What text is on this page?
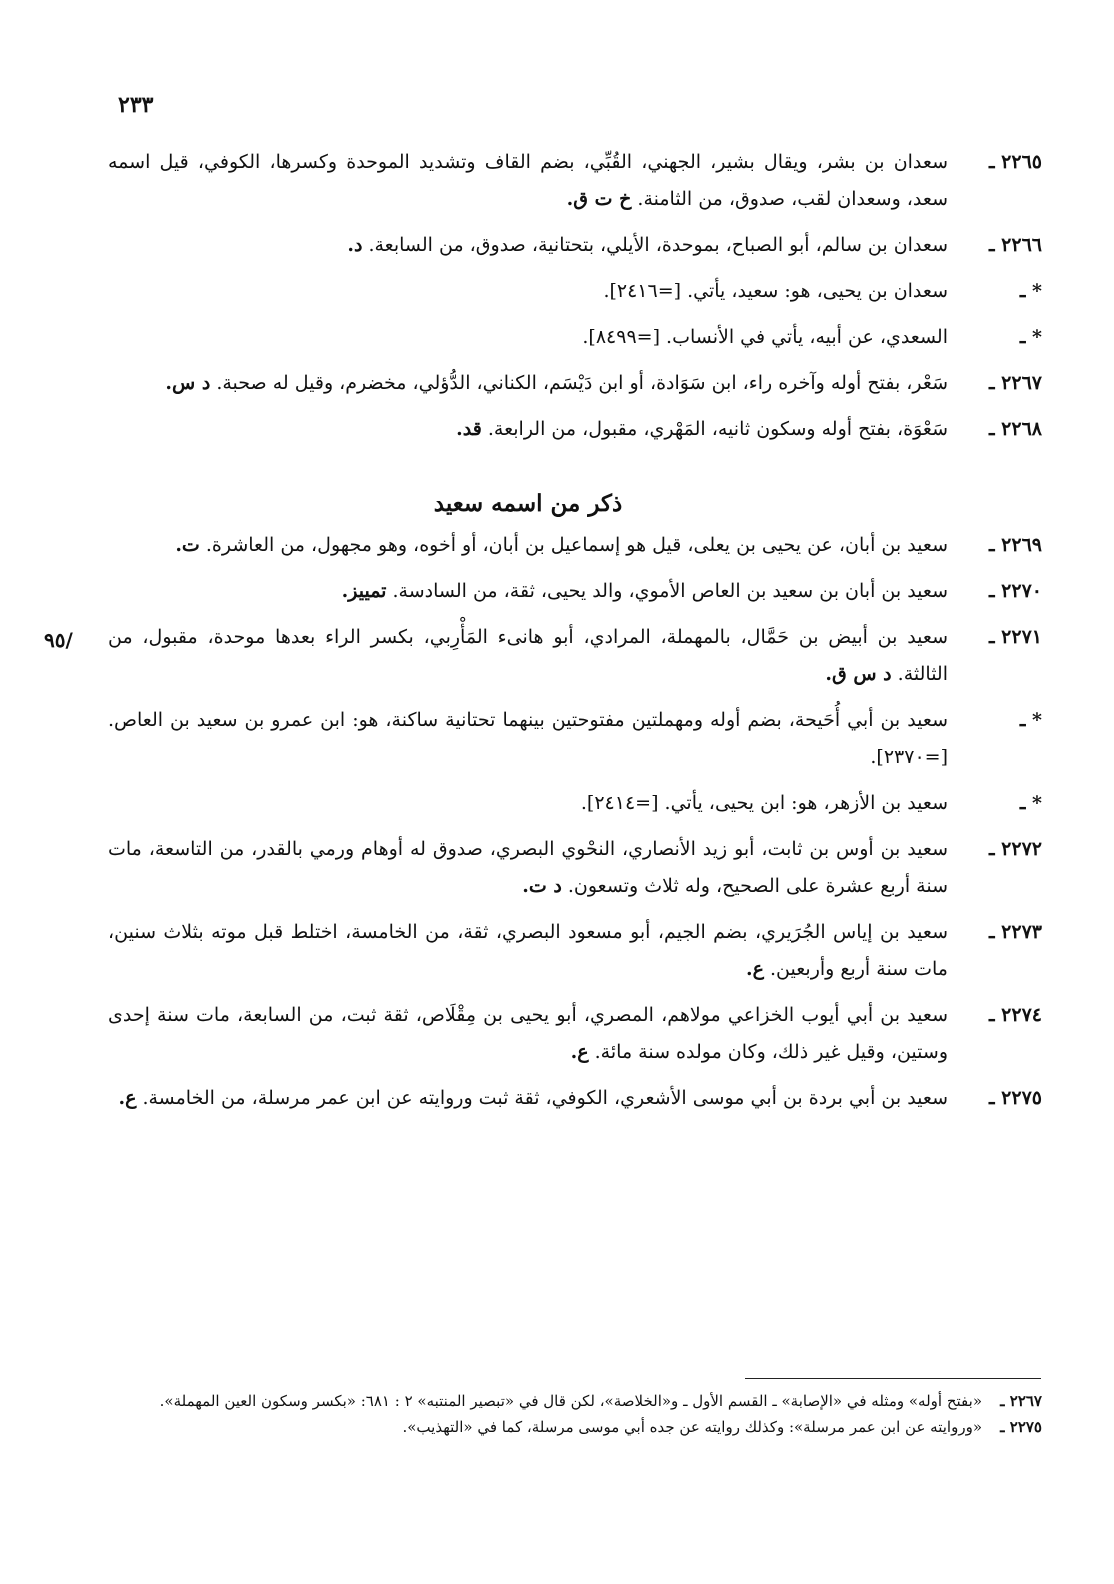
٢٣٣
/٩٥
٢٢٦٥ ـ
سعدان بن بشر، ويقال بشير، الجهني، القُبِّي، بضم القاف وتشديد الموحدة وكسرها، الكوفي، قيل اسمه سعد، وسعدان لقب، صدوق، من الثامنة. خ ت ق.
٢٢٦٦ ـ
سعدان بن سالم، أبو الصباح، بموحدة، الأيلي، بتحتانية، صدوق، من السابعة. د.
* ـ
سعدان بن يحيى، هو: سعيد، يأتي. [=٢٤١٦].
* ـ
السعدي، عن أبيه، يأتي في الأنساب. [=٨٤٩٩].
٢٢٦٧ ـ
سَعْر، بفتح أوله وآخره راء، ابن سَوَادة، أو ابن دَيْسَم، الكناني، الدُّؤلي، مخضرم، وقيل له صحبة. د س.
٢٢٦٨ ـ
سَعْوَة، بفتح أوله وسكون ثانيه، المَهْري، مقبول، من الرابعة. قد.
ذكر من اسمه سعيد
٢٢٦٩ ـ
سعيد بن أبان، عن يحيى بن يعلى، قيل هو إسماعيل بن أبان، أو أخوه، وهو مجهول، من العاشرة. ت.
٢٢٧٠ ـ
سعيد بن أبان بن سعيد بن العاص الأموي، والد يحيى، ثقة، من السادسة. تمييز.
٢٢٧١ ـ
سعيد بن أبيض بن حَمَّال، بالمهملة، المرادي، أبو هانىء المَأْرِبي، بكسر الراء بعدها موحدة، مقبول، من الثالثة. د س ق.
* ـ
سعيد بن أبي أُحَيحة، بضم أوله ومهملتين مفتوحتين بينهما تحتانية ساكنة، هو: ابن عمرو بن سعيد بن العاص. [=٢٣٧٠].
* ـ
سعيد بن الأزهر، هو: ابن يحيى، يأتي. [=٢٤١٤].
٢٢٧٢ ـ
سعيد بن أوس بن ثابت، أبو زيد الأنصاري، النحْوي البصري، صدوق له أوهام ورمي بالقدر، من التاسعة، مات سنة أربع عشرة على الصحيح، وله ثلاث وتسعون. د ت.
٢٢٧٣ ـ
سعيد بن إياس الجُرَيري، بضم الجيم، أبو مسعود البصري، ثقة، من الخامسة، اختلط قبل موته بثلاث سنين، مات سنة أربع وأربعين. ع.
٢٢٧٤ ـ
سعيد بن أبي أيوب الخزاعي مولاهم، المصري، أبو يحيى بن مِقْلَاص، ثقة ثبت، من السابعة، مات سنة إحدى وستين، وقيل غير ذلك، وكان مولده سنة مائة. ع.
٢٢٧٥ ـ
سعيد بن أبي بردة بن أبي موسى الأشعري، الكوفي، ثقة ثبت وروايته عن ابن عمر مرسلة، من الخامسة. ع.
٢٢٦٧ ـ
«بفتح أوله» ومثله في «الإصابة» ـ القسم الأول ـ و«الخلاصة»، لكن قال في «تبصير المنتبه» ٢ : ٦٨١: «بكسر وسكون العين المهملة».
٢٢٧٥ ـ
«وروايته عن ابن عمر مرسلة»: وكذلك روايته عن جده أبي موسى مرسلة، كما في «التهذيب».
